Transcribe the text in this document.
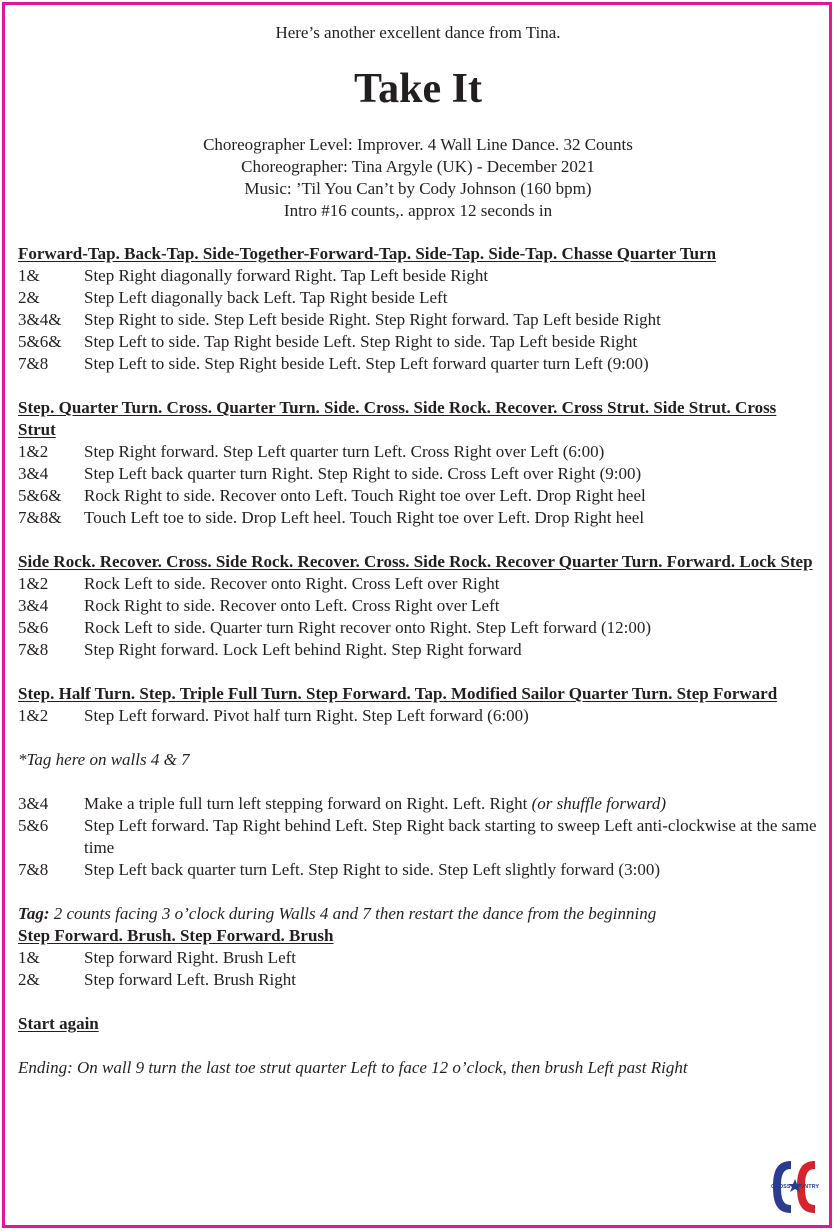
Here’s another excellent dance from Tina.
Take It
Choreographer Level: Improver. 4 Wall Line Dance. 32 Counts
Choreographer: Tina Argyle (UK) - December 2021
Music: ’Til You Can’t by Cody Johnson (160 bpm)
Intro #16 counts,. approx 12 seconds in
Forward-Tap. Back-Tap. Side-Together-Forward-Tap. Side-Tap. Side-Tap. Chasse Quarter Turn
1&	Step Right diagonally forward Right. Tap Left beside Right
2&	Step Left diagonally back Left. Tap Right beside Left
3&4&	Step Right to side. Step Left beside Right. Step Right forward. Tap Left beside Right
5&6&	Step Left to side. Tap Right beside Left. Step Right to side. Tap Left beside Right
7&8	Step Left to side. Step Right beside Left. Step Left forward quarter turn Left (9:00)
Step. Quarter Turn. Cross. Quarter Turn. Side. Cross. Side Rock. Recover. Cross Strut. Side Strut. Cross Strut
1&2	Step Right forward. Step Left quarter turn Left. Cross Right over Left (6:00)
3&4	Step Left back quarter turn Right. Step Right to side. Cross Left over Right (9:00)
5&6&	Rock Right to side. Recover onto Left. Touch Right toe over Left. Drop Right heel
7&8&	Touch Left toe to side. Drop Left heel. Touch Right toe over Left. Drop Right heel
Side Rock. Recover. Cross. Side Rock. Recover. Cross. Side Rock. Recover Quarter Turn. Forward. Lock Step
1&2	Rock Left to side. Recover onto Right. Cross Left over Right
3&4	Rock Right to side. Recover onto Left. Cross Right over Left
5&6	Rock Left to side. Quarter turn Right recover onto Right. Step Left forward (12:00)
7&8	Step Right forward. Lock Left behind Right. Step Right forward
Step. Half Turn. Step. Triple Full Turn. Step Forward. Tap. Modified Sailor Quarter Turn. Step Forward
1&2	Step Left forward. Pivot half turn Right. Step Left forward (6:00)
*Tag here on walls 4 & 7
3&4	Make a triple full turn left stepping forward on Right. Left. Right (or shuffle forward)
5&6	Step Left forward. Tap Right behind Left. Step Right back starting to sweep Left anti-clockwise at the same time
7&8	Step Left back quarter turn Left. Step Right to side. Step Left slightly forward (3:00)
Tag: 2 counts facing 3 o’clock during Walls 4 and 7 then restart the dance from the beginning
Step Forward. Brush. Step Forward. Brush
1&	Step forward Right. Brush Left
2&	Step forward Left. Brush Right
Start again
Ending: On wall 9 turn the last toe strut quarter Left to face 12 o’clock, then brush Left past Right
CROSS COUNTRY
